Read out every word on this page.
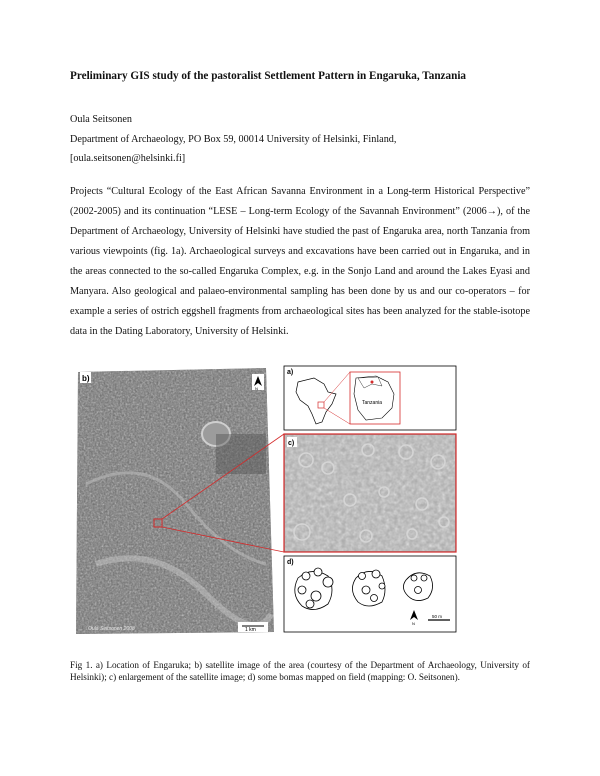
Preliminary GIS study of the pastoralist Settlement Pattern in Engaruka, Tanzania
Oula Seitsonen
Department of Archaeology, PO Box 59, 00014 University of Helsinki, Finland,
[oula.seitsonen@helsinki.fi]
Projects “Cultural Ecology of the East African Savanna Environment in a Long-term Historical Perspective” (2002-2005) and its continuation “LESE – Long-term Ecology of the Savannah Environment” (2006→), of the Department of Archaeology, University of Helsinki have studied the past of Engaruka area, north Tanzania from various viewpoints (fig. 1a). Archaeological surveys and excavations have been carried out in Engaruka, and in the areas connected to the so-called Engaruka Complex, e.g. in the Sonjo Land and around the Lakes Eyasi and Manyara. Also geological and palaeo-environmental sampling has been done by us and our co-operators – for example a series of ostrich eggshell fragments from archaeological sites has been analyzed for the stable-isotope data in the Dating Laboratory, University of Helsinki.
b)
N
1 km
Oula Seitsonen 2008
a)
Tanzania
c)
d)
N
50 m
Fig 1. a) Location of Engaruka; b) satellite image of the area (courtesy of the Department of Archaeology, University of Helsinki); c) enlargement of the satellite image; d) some bomas mapped on field (mapping: O. Seitsonen).
